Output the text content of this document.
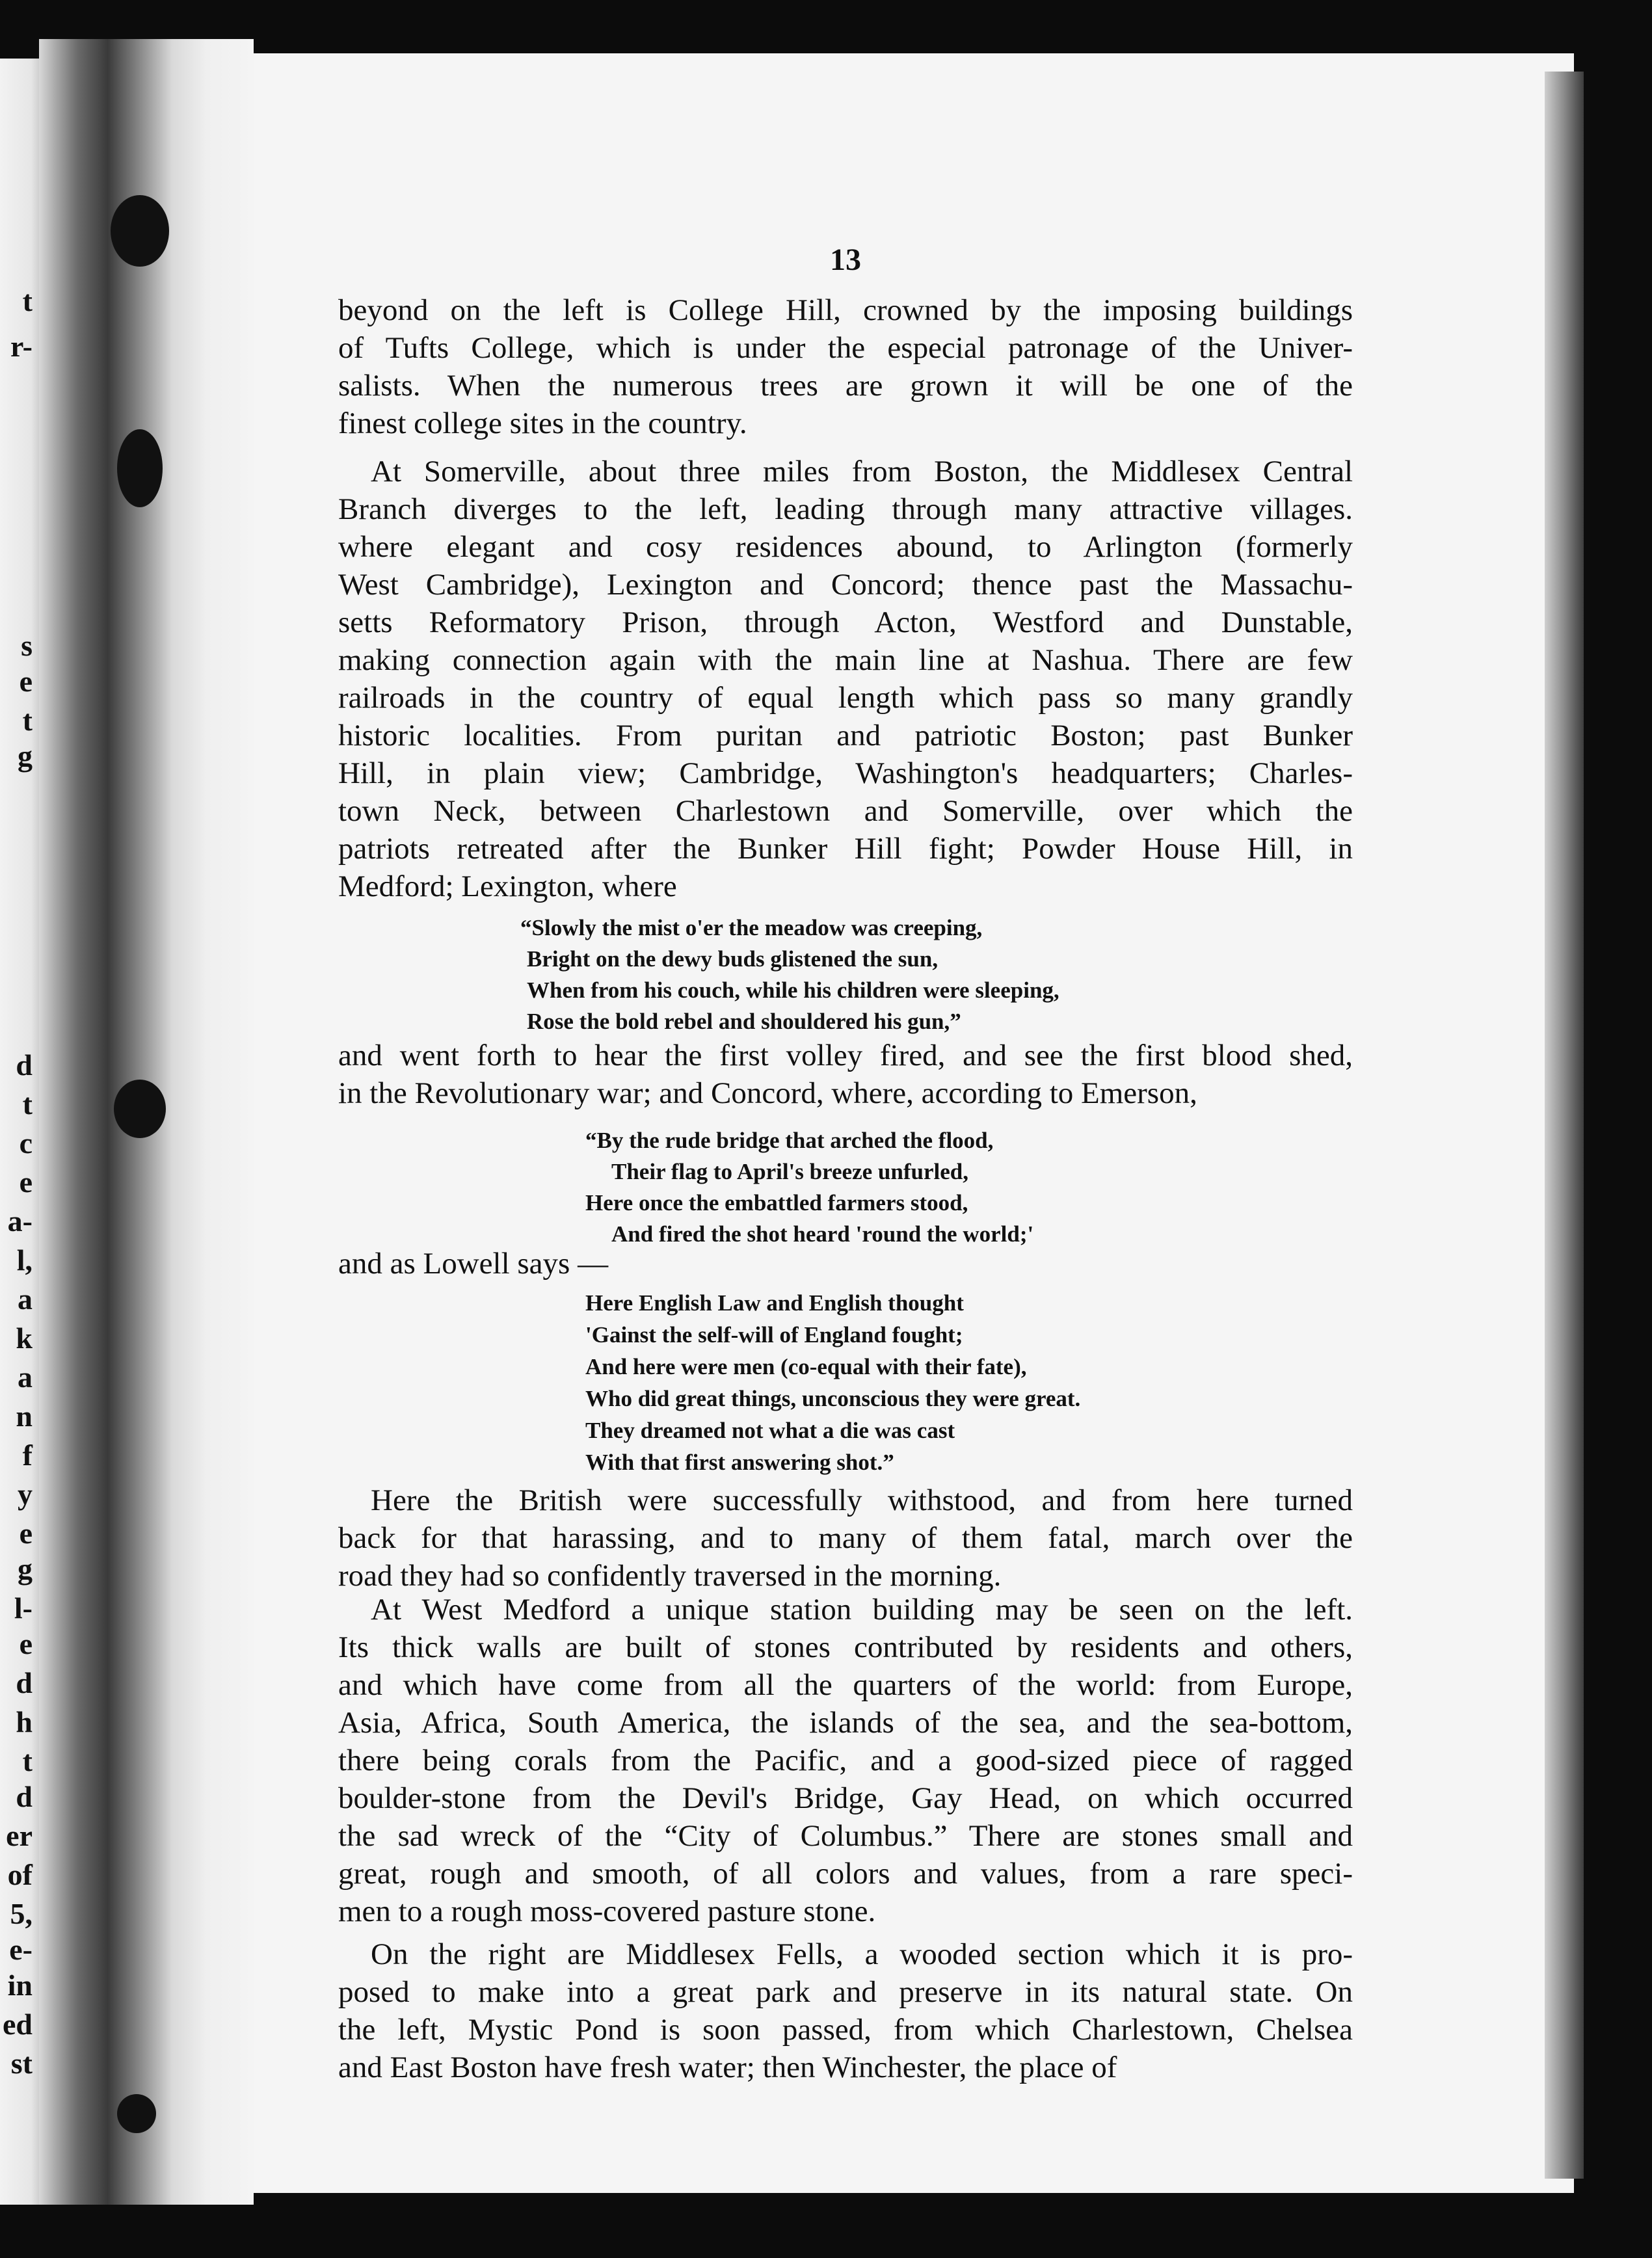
t
r-
s
e
t
g
d
t
c
e
a-
l,
a
k
a
n
f
y
e
g
l-
e
d
h
t
d
er
of
5,
e-
in
ed
st
13

beyond on the left is College Hill, crowned by the imposing buildings

of Tufts College, which is under the especial patronage of the Univer-

salists. When the numerous trees are grown it will be one of the

finest college sites in the country.

At Somerville, about three miles from Boston, the Middlesex Central

Branch diverges to the left, leading through many attractive villages.

where elegant and cosy residences abound, to Arlington (formerly

West Cambridge), Lexington and Concord; thence past the Massachu-

setts Reformatory Prison, through Acton, Westford and Dunstable,

making connection again with the main line at Nashua. There are few

railroads in the country of equal length which pass so many grandly

historic localities. From puritan and patriotic Boston; past Bunker

Hill, in plain view; Cambridge, Washington's headquarters; Charles-

town Neck, between Charlestown and Somerville, over which the

patriots retreated after the Bunker Hill fight; Powder House Hill, in

Medford; Lexington, where

“Slowly the mist o'er the meadow was creeping,

Bright on the dewy buds glistened the sun,

When from his couch, while his children were sleeping,

Rose the bold rebel and shouldered his gun,”

and went forth to hear the first volley fired, and see the first blood shed,

in the Revolutionary war; and Concord, where, according to Emerson,

“By the rude bridge that arched the flood,

Their flag to April's breeze unfurled,

Here once the embattled farmers stood,

And fired the shot heard 'round the world;'

and as Lowell says —

Here English Law and English thought

'Gainst the self-will of England fought;

And here were men (co-equal with their fate),

Who did great things, unconscious they were great.

They dreamed not what a die was cast

With that first answering shot.”

Here the British were successfully withstood, and from here turned

back for that harassing, and to many of them fatal, march over the

road they had so confidently traversed in the morning.

At West Medford a unique station building may be seen on the left.

Its thick walls are built of stones contributed by residents and others,

and which have come from all the quarters of the world: from Europe,

Asia, Africa, South America, the islands of the sea, and the sea-bottom,

there being corals from the Pacific, and a good-sized piece of ragged

boulder-stone from the Devil's Bridge, Gay Head, on which occurred

the sad wreck of the “City of Columbus.” There are stones small and

great, rough and smooth, of all colors and values, from a rare speci-

men to a rough moss-covered pasture stone.

On the right are Middlesex Fells, a wooded section which it is pro-

posed to make into a great park and preserve in its natural state. On

the left, Mystic Pond is soon passed, from which Charlestown, Chelsea

and East Boston have fresh water; then Winchester, the place of
